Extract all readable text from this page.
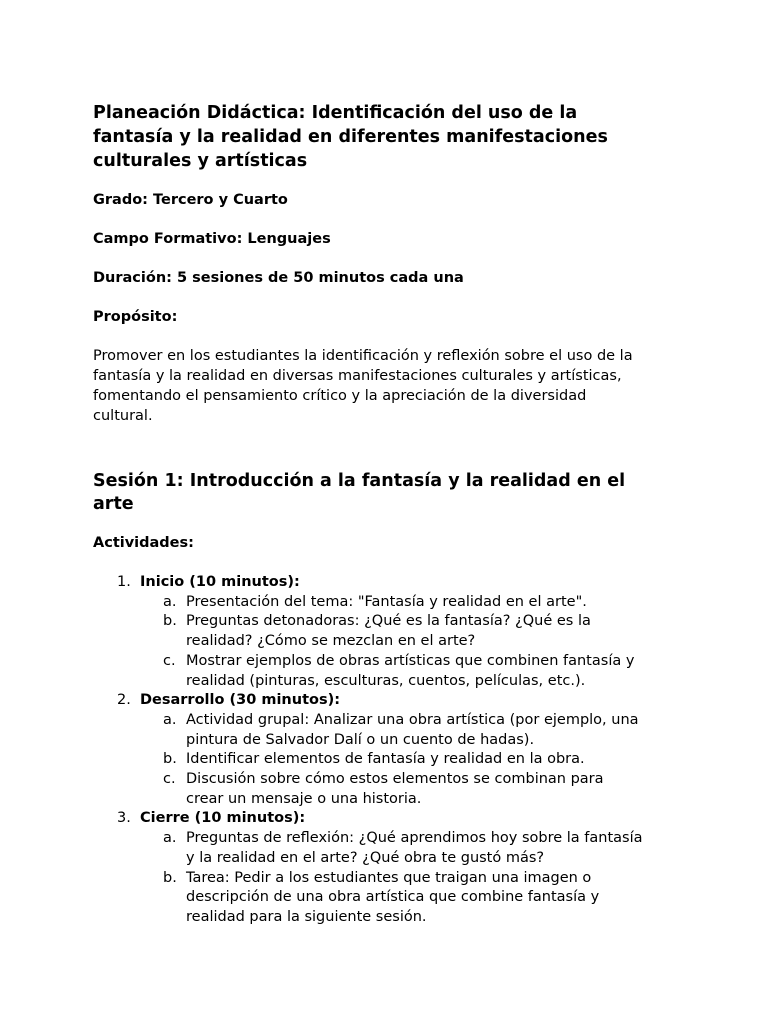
Planeación Didáctica: Identificación del uso de la
fantasía y la realidad en diferentes manifestaciones
culturales y artísticas

Grado: Tercero y Cuarto

Campo Formativo: Lenguajes

Duración: 5 sesiones de 50 minutos cada una

Propósito:

Promover en los estudiantes la identificación y reflexión sobre el uso de la
fantasía y la realidad en diversas manifestaciones culturales y artísticas,
fomentando el pensamiento crítico y la apreciación de la diversidad
cultural.

Sesión 1: Introducción a la fantasía y la realidad en el
arte

Actividades:

1. Inicio (10 minutos):
a. Presentación del tema: "Fantasía y realidad en el arte".
b. Preguntas detonadoras: ¿Qué es la fantasía? ¿Qué es la
realidad? ¿Cómo se mezclan en el arte?
c. Mostrar ejemplos de obras artísticas que combinen fantasía y
realidad (pinturas, esculturas, cuentos, películas, etc.).
2. Desarrollo (30 minutos):
a. Actividad grupal: Analizar una obra artística (por ejemplo, una
pintura de Salvador Dalí o un cuento de hadas).
b. Identificar elementos de fantasía y realidad en la obra.
c. Discusión sobre cómo estos elementos se combinan para
crear un mensaje o una historia.
3. Cierre (10 minutos):
a. Preguntas de reflexión: ¿Qué aprendimos hoy sobre la fantasía
y la realidad en el arte? ¿Qué obra te gustó más?
b. Tarea: Pedir a los estudiantes que traigan una imagen o
descripción de una obra artística que combine fantasía y
realidad para la siguiente sesión.
